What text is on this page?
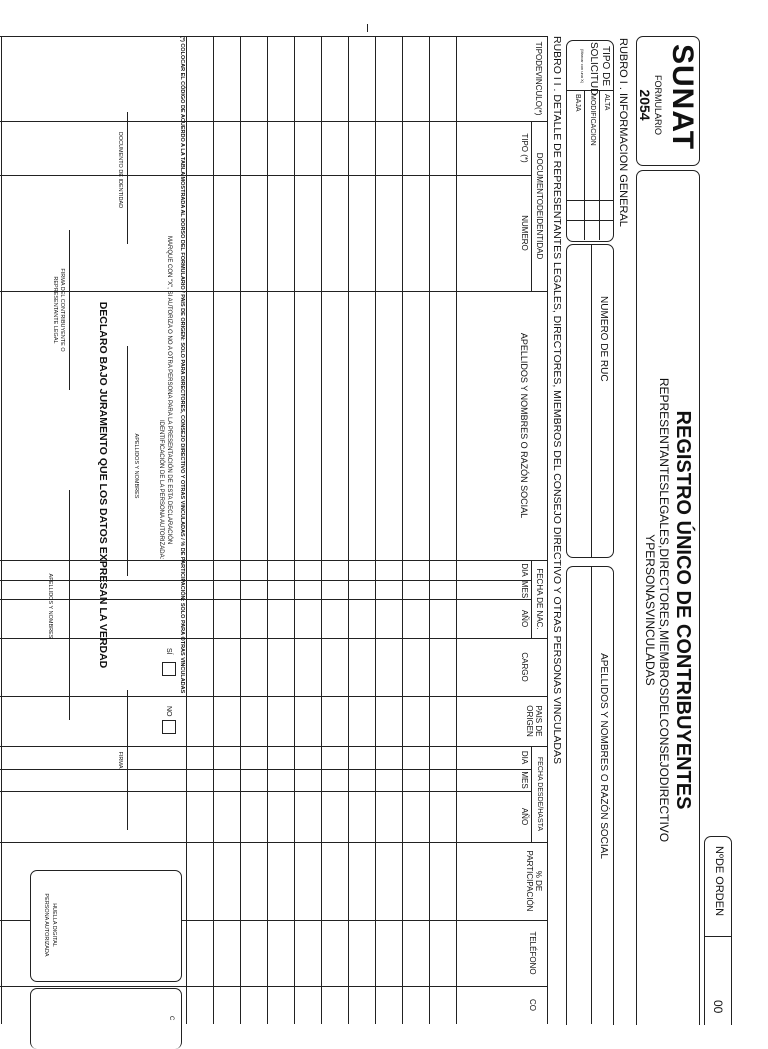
SUNAT
FORMULARIO
2054
REGISTRO ÚNICO DE CONTRIBUYENTES
REPRESENTANTESLEGALES,DIRECTORES,MIEMBROSDELCONSEJODIRECTIVO
YPERSONASVINCULADAS
NºDE ORDEN
00
RUBRO I . INFORMACION GENERAL
TIPO DE
SOLICITUD
(Marcar con una X)
ALTA
MODIFICACION
BAJA
NUMERO DE RUC
APELLIDOS Y NOMBRES O RAZÓN SOCIAL
RUBRO I I . DETALLE DE REPRESENTANTES LEGALES, DIRECTORES, MIEMBROS DEL CONSEJO DIRECTIVO Y OTRAS PERSONAS VINCULADAS
TIPODEVINCULO(*)
DOCUMENTODEIDENTIDAD
TIPO (*)
NUMERO
APELLIDOS Y NOMBRES O RAZÓN SOCIAL
FECHA DE NAC.
DIA
MES
AÑO
CARGO
PAIS DE
ORIGEN
FECHA DESDE/HASTA
DIA
MES
AÑO
% DE
PARTICIPACIÓN
TELÉFONO
CO
(*) COLOCAR EL CÓDIGO DE ACUERDO A LA TABLA MOSTRADA AL DORSO DEL FORMULARIO / PAIS DE ORIGEN: SOLO PARA DIRECTORES, CONSEJO DIRECTIVO Y OTRAS VINCULADAS / % DE PARTICIPACIÓN: SOLO PARA OTRAS VINCULADAS
MARQUE CON "X", SI AUTORIZA O NO A OTRA PERSONA PARA LA PRESENTACIÓN DE ESTA DECLARACIÓN
IDENTIFICACIÓN DE LA PERSONA AUTORIZADA:
SÍ
NO
DOCUMENTO DE IDENTIDAD
APELLIDOS Y NOMBRES
FIRMA
DECLARO BAJO JURAMENTO QUE LOS DATOS EXPRESAN LA VERDAD
FIRMA DEL CONTRIBUYENTE O
REPRESENTANTE LEGAL
APELLIDOS Y NOMBRES
HUELLA DIGITAL
PERSONA AUTORIZADA
C
